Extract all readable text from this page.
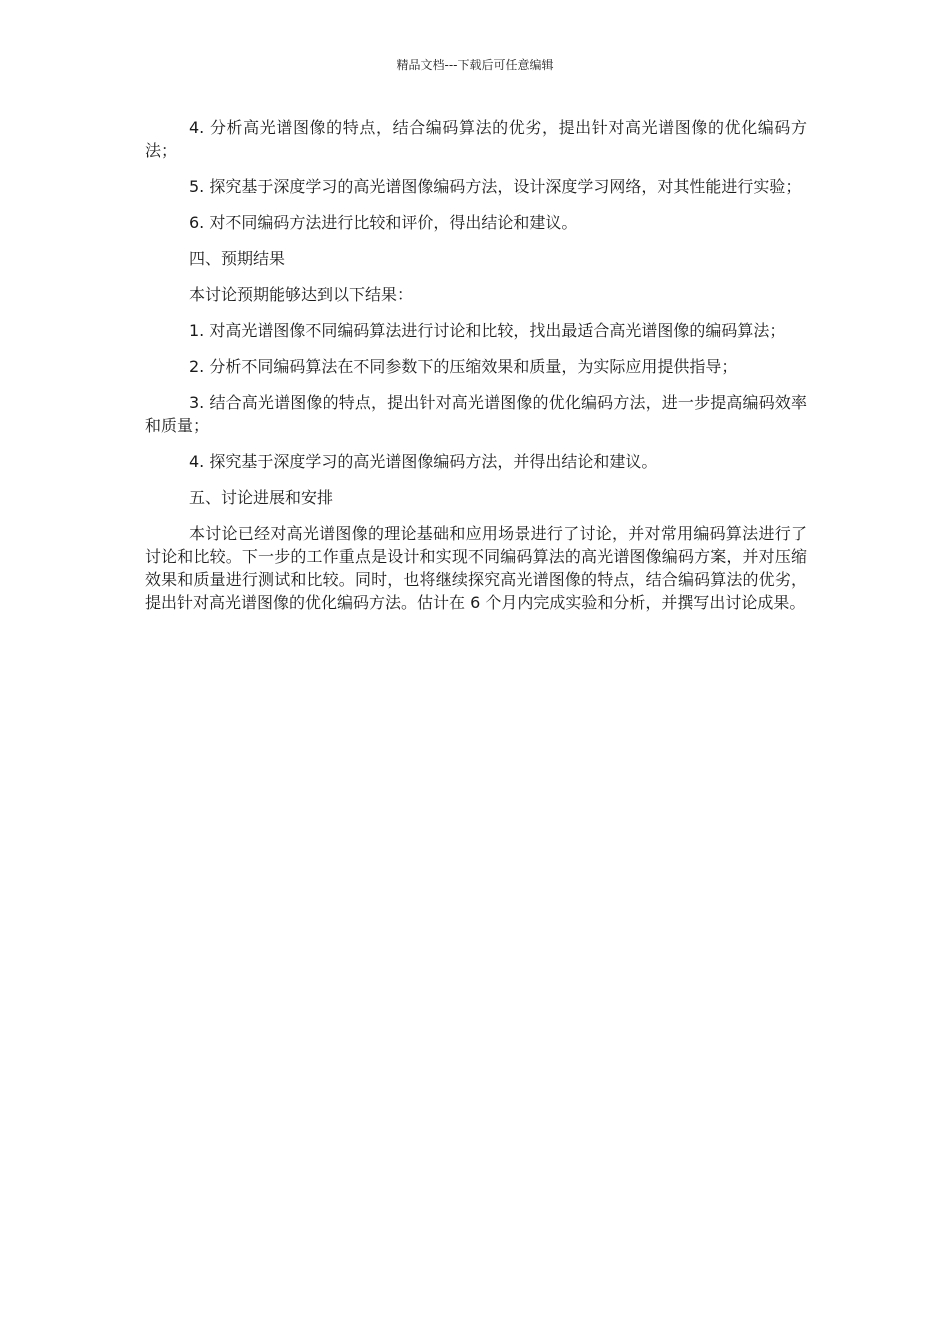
精品文档---下载后可任意编辑

4. 分析高光谱图像的特点，结合编码算法的优劣，提出针对高光谱图像的优化编码方法；

5. 探究基于深度学习的高光谱图像编码方法，设计深度学习网络，对其性能进行实验；

6. 对不同编码方法进行比较和评价，得出结论和建议。

四、预期结果

本讨论预期能够达到以下结果：

1. 对高光谱图像不同编码算法进行讨论和比较，找出最适合高光谱图像的编码算法；

2. 分析不同编码算法在不同参数下的压缩效果和质量，为实际应用提供指导；

3. 结合高光谱图像的特点，提出针对高光谱图像的优化编码方法，进一步提高编码效率和质量；

4. 探究基于深度学习的高光谱图像编码方法，并得出结论和建议。

五、讨论进展和安排

本讨论已经对高光谱图像的理论基础和应用场景进行了讨论，并对常用编码算法进行了讨论和比较。下一步的工作重点是设计和实现不同编码算法的高光谱图像编码方案，并对压缩效果和质量进行测试和比较。同时，也将继续探究高光谱图像的特点，结合编码算法的优劣，提出针对高光谱图像的优化编码方法。估计在 6 个月内完成实验和分析，并撰写出讨论成果。
